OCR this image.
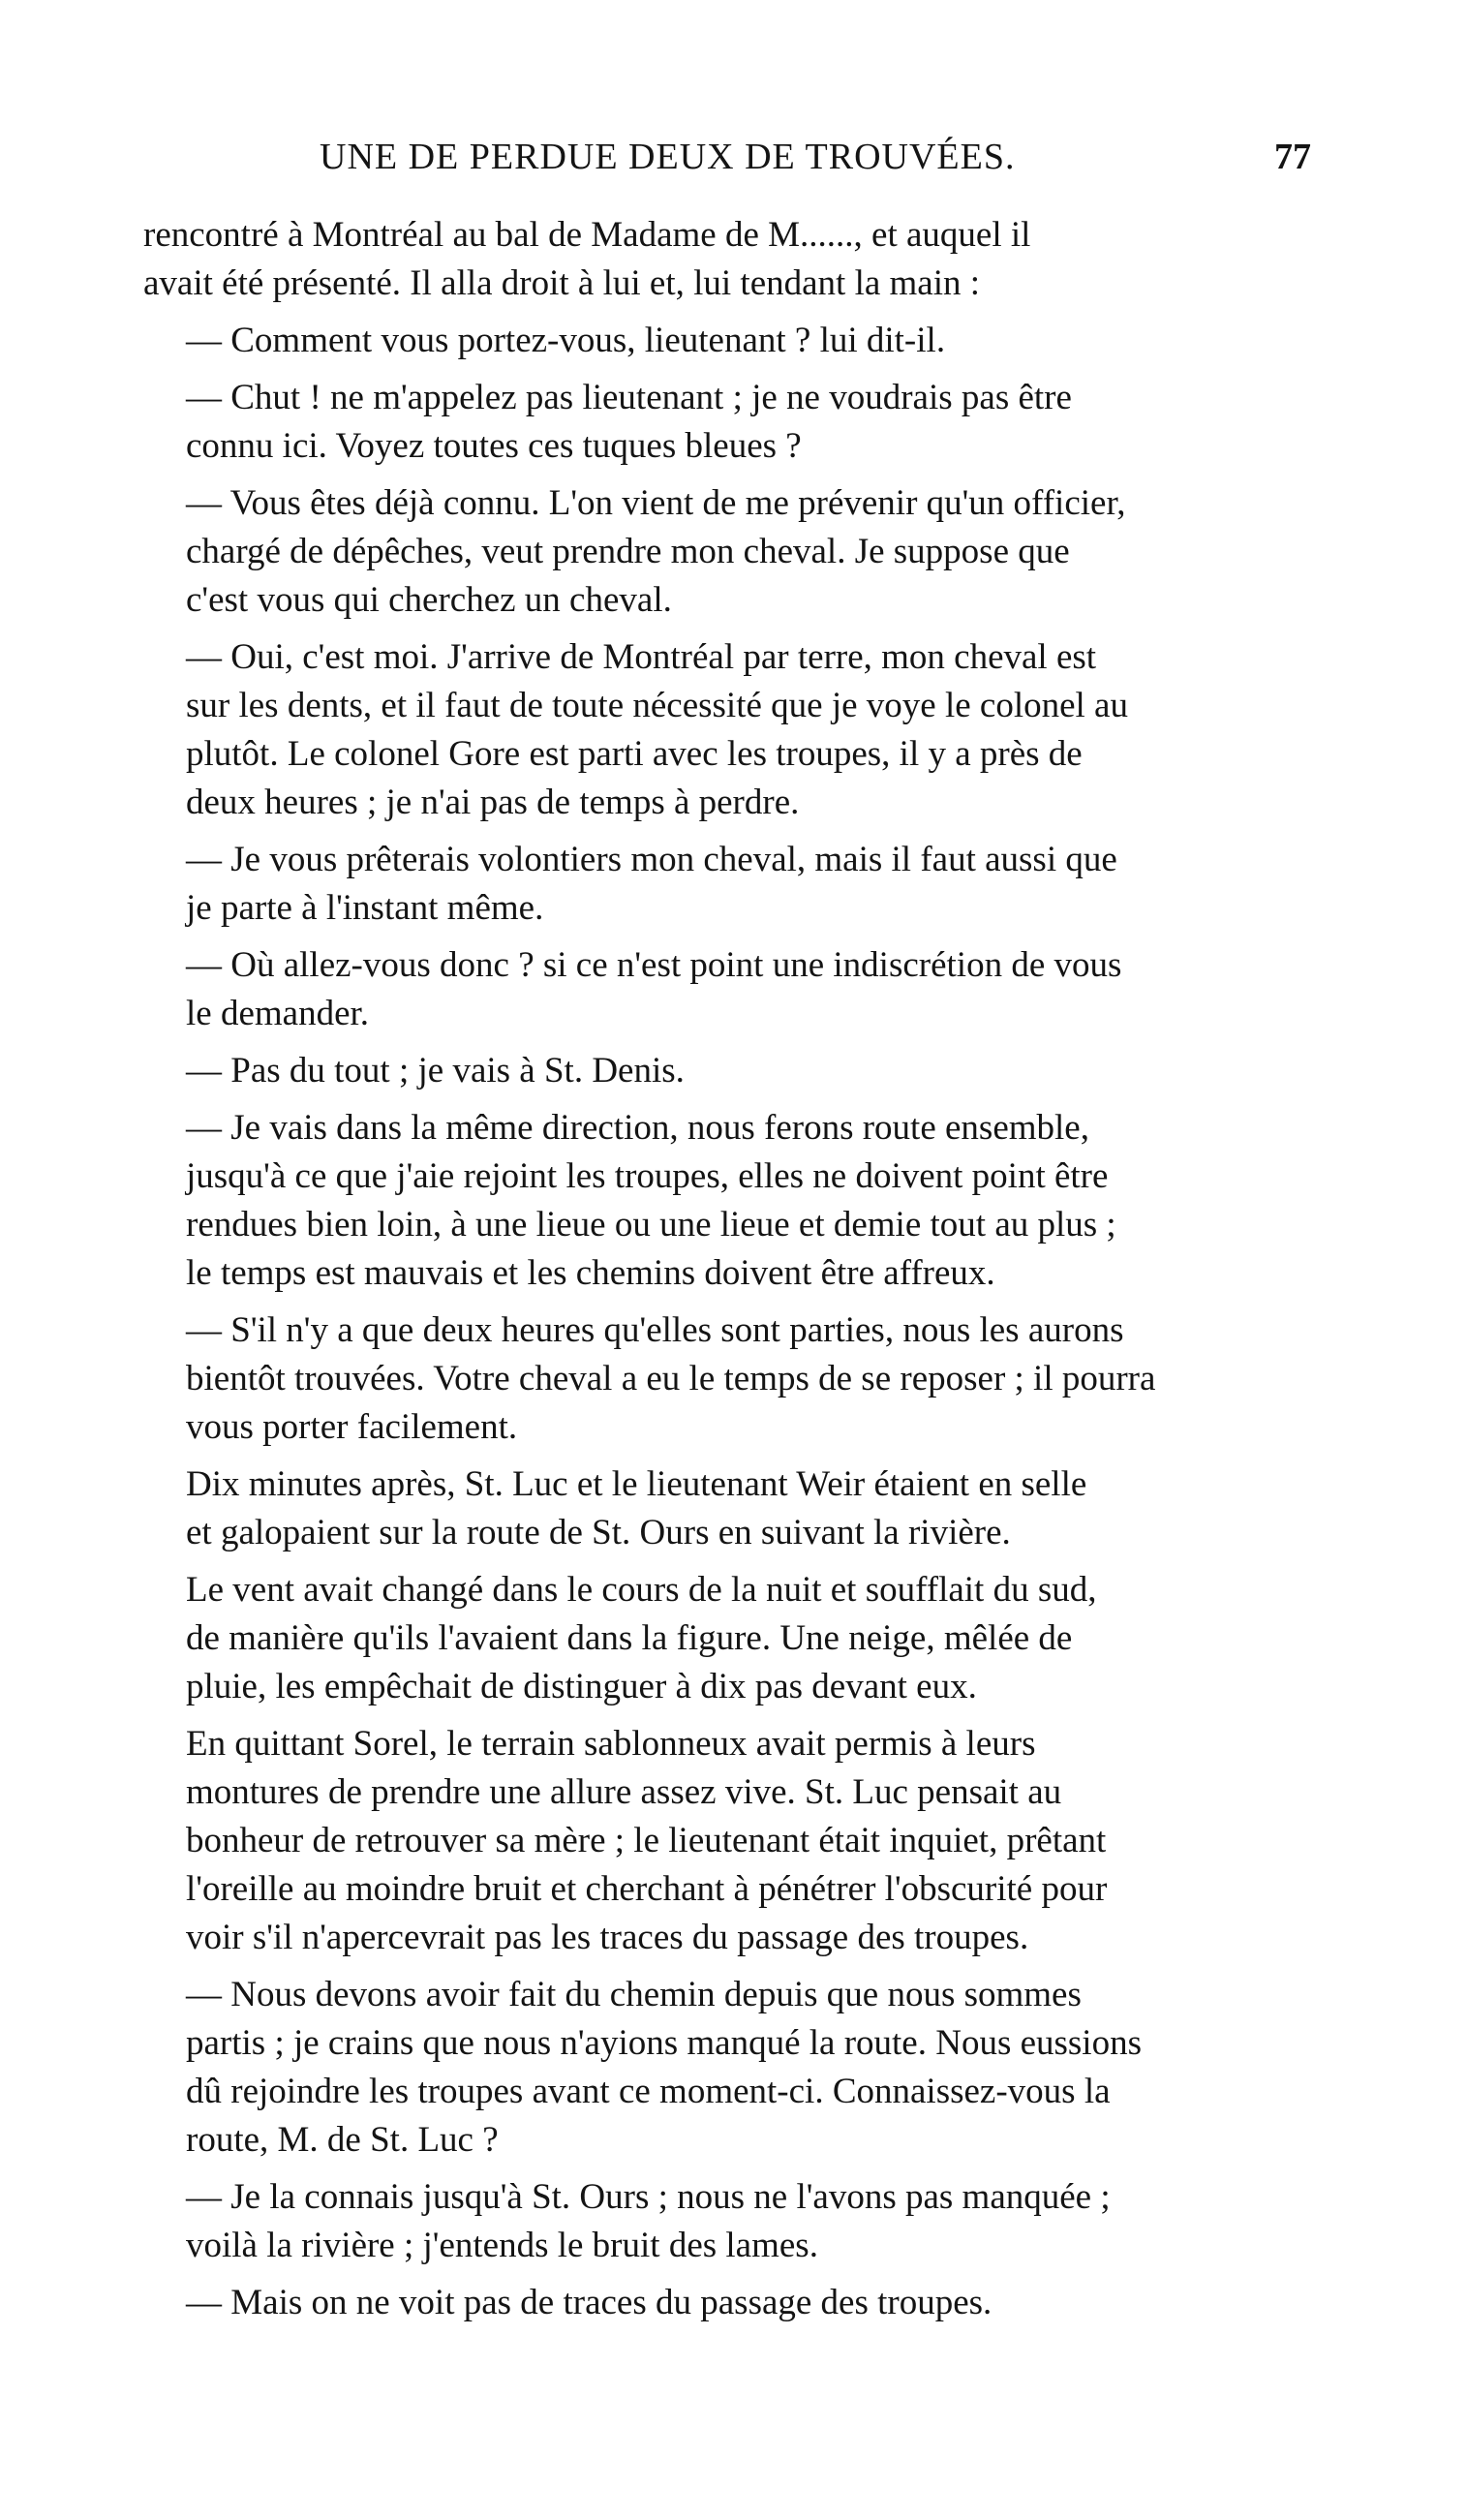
UNE DE PERDUE DEUX DE TROUVÉES.	77

rencontré à Montréal au bal de Madame de M......, et auquel il
avait été présenté. Il alla droit à lui et, lui tendant la main :

— Comment vous portez-vous, lieutenant ? lui dit-il.

— Chut ! ne m'appelez pas lieutenant ; je ne voudrais pas être
connu ici. Voyez toutes ces tuques bleues ?

— Vous êtes déjà connu. L'on vient de me prévenir qu'un officier,
chargé de dépêches, veut prendre mon cheval. Je suppose que
c'est vous qui cherchez un cheval.

— Oui, c'est moi. J'arrive de Montréal par terre, mon cheval est
sur les dents, et il faut de toute nécessité que je voye le colonel au
plutôt. Le colonel Gore est parti avec les troupes, il y a près de
deux heures ; je n'ai pas de temps à perdre.

— Je vous prêterais volontiers mon cheval, mais il faut aussi que
je parte à l'instant même.

— Où allez-vous donc ? si ce n'est point une indiscrétion de vous
le demander.

— Pas du tout ; je vais à St. Denis.

— Je vais dans la même direction, nous ferons route ensemble,
jusqu'à ce que j'aie rejoint les troupes, elles ne doivent point être
rendues bien loin, à une lieue ou une lieue et demie tout au plus ;
le temps est mauvais et les chemins doivent être affreux.

— S'il n'y a que deux heures qu'elles sont parties, nous les aurons
bientôt trouvées. Votre cheval a eu le temps de se reposer ; il pourra
vous porter facilement.

Dix minutes après, St. Luc et le lieutenant Weir étaient en selle
et galopaient sur la route de St. Ours en suivant la rivière.

Le vent avait changé dans le cours de la nuit et soufflait du sud,
de manière qu'ils l'avaient dans la figure. Une neige, mêlée de
pluie, les empêchait de distinguer à dix pas devant eux.

En quittant Sorel, le terrain sablonneux avait permis à leurs
montures de prendre une allure assez vive. St. Luc pensait au
bonheur de retrouver sa mère ; le lieutenant était inquiet, prêtant
l'oreille au moindre bruit et cherchant à pénétrer l'obscurité pour
voir s'il n'apercevrait pas les traces du passage des troupes.

— Nous devons avoir fait du chemin depuis que nous sommes
partis ; je crains que nous n'ayions manqué la route. Nous eussions
dû rejoindre les troupes avant ce moment-ci. Connaissez-vous la
route, M. de St. Luc ?

— Je la connais jusqu'à St. Ours ; nous ne l'avons pas manquée ;
voilà la rivière ; j'entends le bruit des lames.

— Mais on ne voit pas de traces du passage des troupes.
